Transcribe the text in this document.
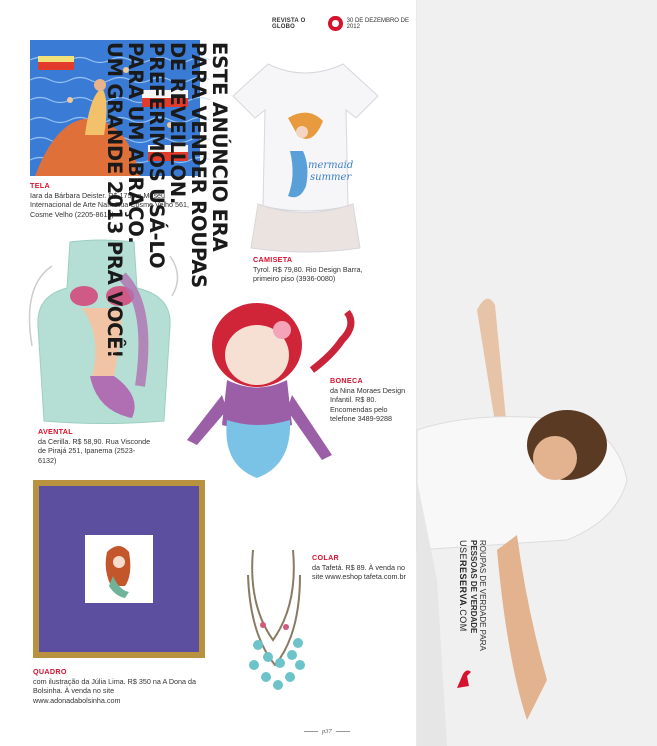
REVISTA O GLOBO
30 DE DEZEMBRO DE 2012
TELA
Iara da Bárbara Deister. R$ 175 no Museu Internacional de Arte Naïf: Rua Cosme Velho 561, Cosme Velho (2205-8612)
mermaid
summer
CAMISETA
Tyrol. R$ 79,80. Rio Design Barra, primeiro piso (3936-0080)
AVENTAL
da Cerilla. R$ 58,90. Rua Visconde de Pirajá 251, Ipanema (2523-6132)
BONECA
da Nina Moraes Design Infantil. R$ 80. Encomendas pelo telefone 3489-9288
QUADRO
com ilustração da Júlia Lima. R$ 350 na A Dona da Bolsinha. À venda no site www.adonadabolsinha.com
COLAR
da Tafetá. R$ 89. À venda no site www.eshop tafeta.com.br
p37
ESTE ANÚNCIO ERA
PARA VENDER ROUPAS
DE REVEILLON.
PREFERIMOS USÁ-LO
PARA UM ABRAÇO.
UM GRANDE 2013 PRA VOCÊ!
ROUPAS DE VERDADE PARA
PESSOAS DE VERDADE
USERESERVA.COM
